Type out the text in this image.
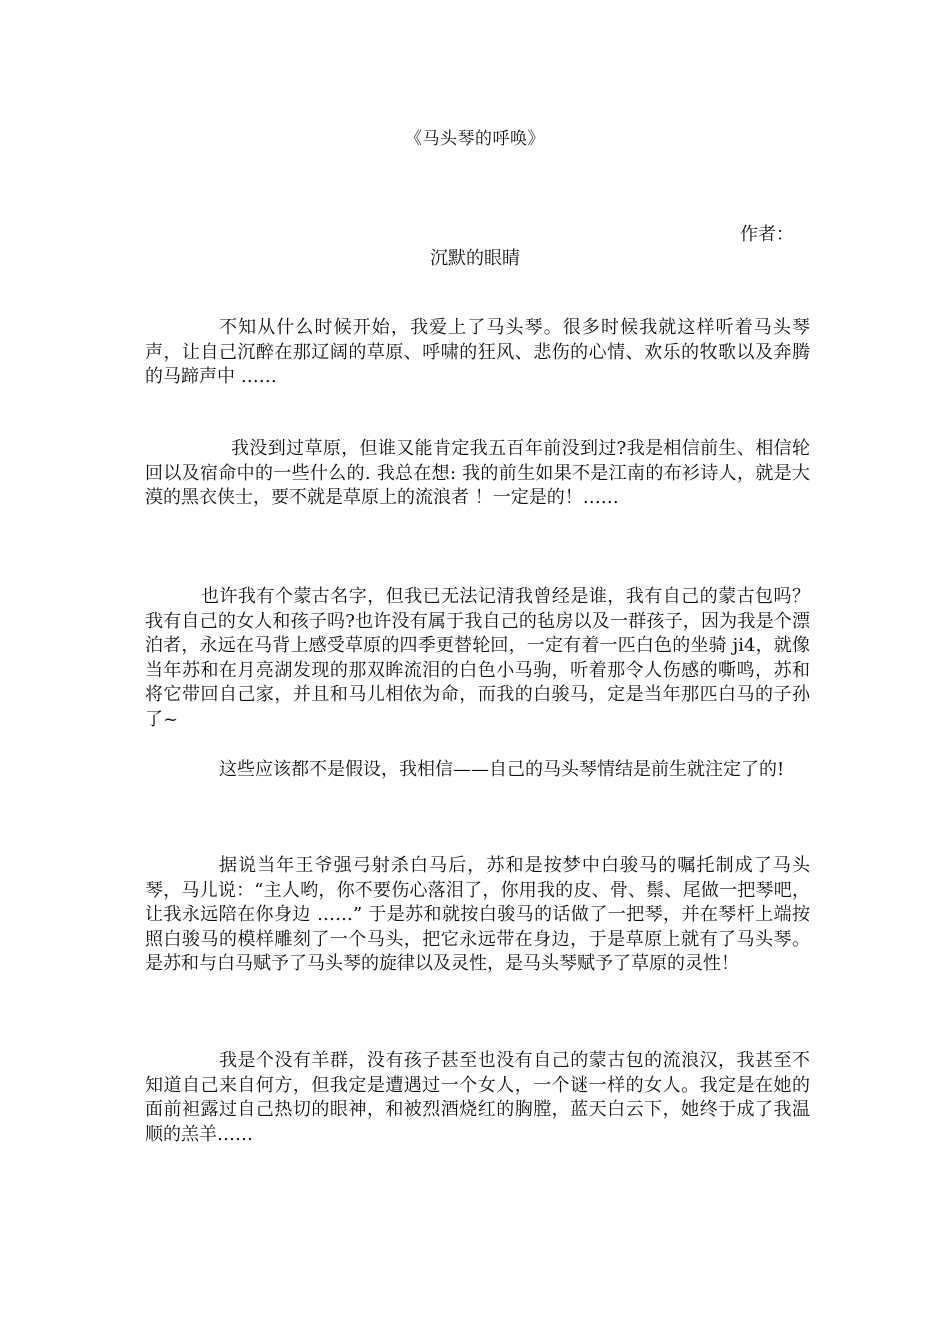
《马头琴的呼唤》
作者：
沉默的眼睛

不知从什么时候开始，我爱上了马头琴。很多时候我就这样听着马头琴声，让自己沉醉在那辽阔的草原、呼啸的狂风、悲伤的心情、欢乐的牧歌以及奔腾的马蹄声中 ……

我没到过草原，但谁又能肯定我五百年前没到过?我是相信前生、相信轮回以及宿命中的一些什么的. 我总在想: 我的前生如果不是江南的布衫诗人，就是大漠的黑衣侠士，要不就是草原上的流浪者 ！一定是的！……

也许我有个蒙古名字，但我已无法记清我曾经是谁，我有自己的蒙古包吗？我有自己的女人和孩子吗?也许没有属于我自己的毡房以及一群孩子，因为我是个漂泊者，永远在马背上感受草原的四季更替轮回，一定有着一匹白色的坐骑 ji4，就像当年苏和在月亮湖发现的那双眸流泪的白色小马驹，听着那令人伤感的嘶鸣，苏和将它带回自己家，并且和马儿相依为命，而我的白骏马，定是当年那匹白马的子孙了~

这些应该都不是假设，我相信——自己的马头琴情结是前生就注定了的!

据说当年王爷强弓射杀白马后，苏和是按梦中白骏马的嘱托制成了马头琴，马儿说：“主人哟，你不要伤心落泪了，你用我的皮、骨、鬃、尾做一把琴吧，让我永远陪在你身边 ……” 于是苏和就按白骏马的话做了一把琴，并在琴杆上端按照白骏马的模样雕刻了一个马头，把它永远带在身边，于是草原上就有了马头琴。是苏和与白马赋予了马头琴的旋律以及灵性，是马头琴赋予了草原的灵性！

我是个没有羊群，没有孩子甚至也没有自己的蒙古包的流浪汉，我甚至不知道自己来自何方，但我定是遭遇过一个女人，一个谜一样的女人。我定是在她的面前袒露过自己热切的眼神，和被烈酒烧红的胸膛，蓝天白云下，她终于成了我温顺的羔羊……
